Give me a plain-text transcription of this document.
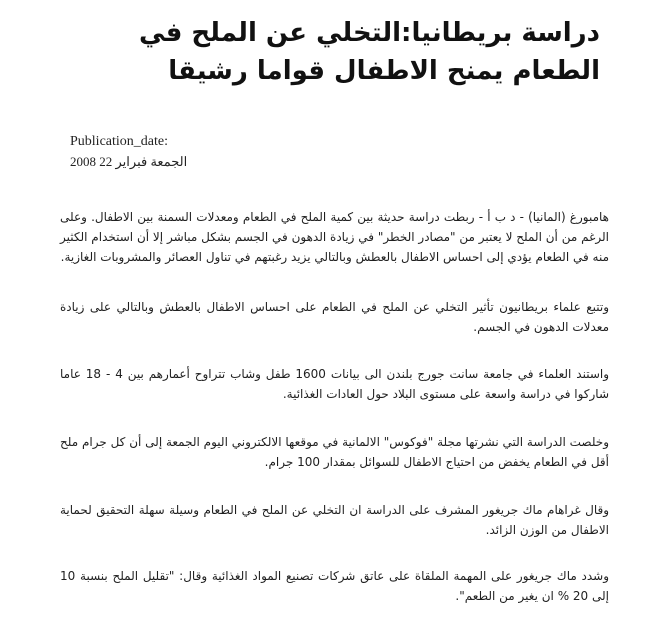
دراسة بريطانيا:التخلي عن الملح في الطعام يمنح الاطفال قواما رشيقا
Publication_date:
الجمعة فبراير 22 2008

هامبورغ (المانيا) - د ب أ - ربطت دراسة حديثة بين كمية الملح في الطعام ومعدلات السمنة بين الاطفال. وعلى الرغم من أن الملح لا يعتبر من "مصادر الخطر" في زيادة الدهون في الجسم بشكل مباشر إلا أن استخدام الكثير منه في الطعام يؤدي إلى احساس الاطفال بالعطش وبالتالي يزيد رغبتهم في تناول العصائر والمشروبات الغازية.

وتتبع علماء بريطانيون تأثير التخلي عن الملح في الطعام على احساس الاطفال بالعطش وبالتالي على زيادة معدلات الدهون في الجسم.

واستند العلماء في جامعة سانت جورج بلندن الى بيانات 1600 طفل وشاب تتراوح أعمارهم بين 4 - 18 عاما شاركوا في دراسة واسعة على مستوى البلاد حول العادات الغذائية.

وخلصت الدراسة التي نشرتها مجلة "فوكوس" الالمانية في موقعها الالكتروني اليوم الجمعة إلى أن كل جرام ملح أقل في الطعام يخفض من احتياج الاطفال للسوائل بمقدار 100 جرام.

وقال غراهام ماك جريغور المشرف على الدراسة ان التخلي عن الملح في الطعام وسيلة سهلة التحقيق لحماية الاطفال من الوزن الزائد.

وشدد ماك جريغور على المهمة الملقاة على عاتق شركات تصنيع المواد الغذائية وقال: "تقليل الملح بنسبة 10 إلى 20 % ان يغير من الطعم".
